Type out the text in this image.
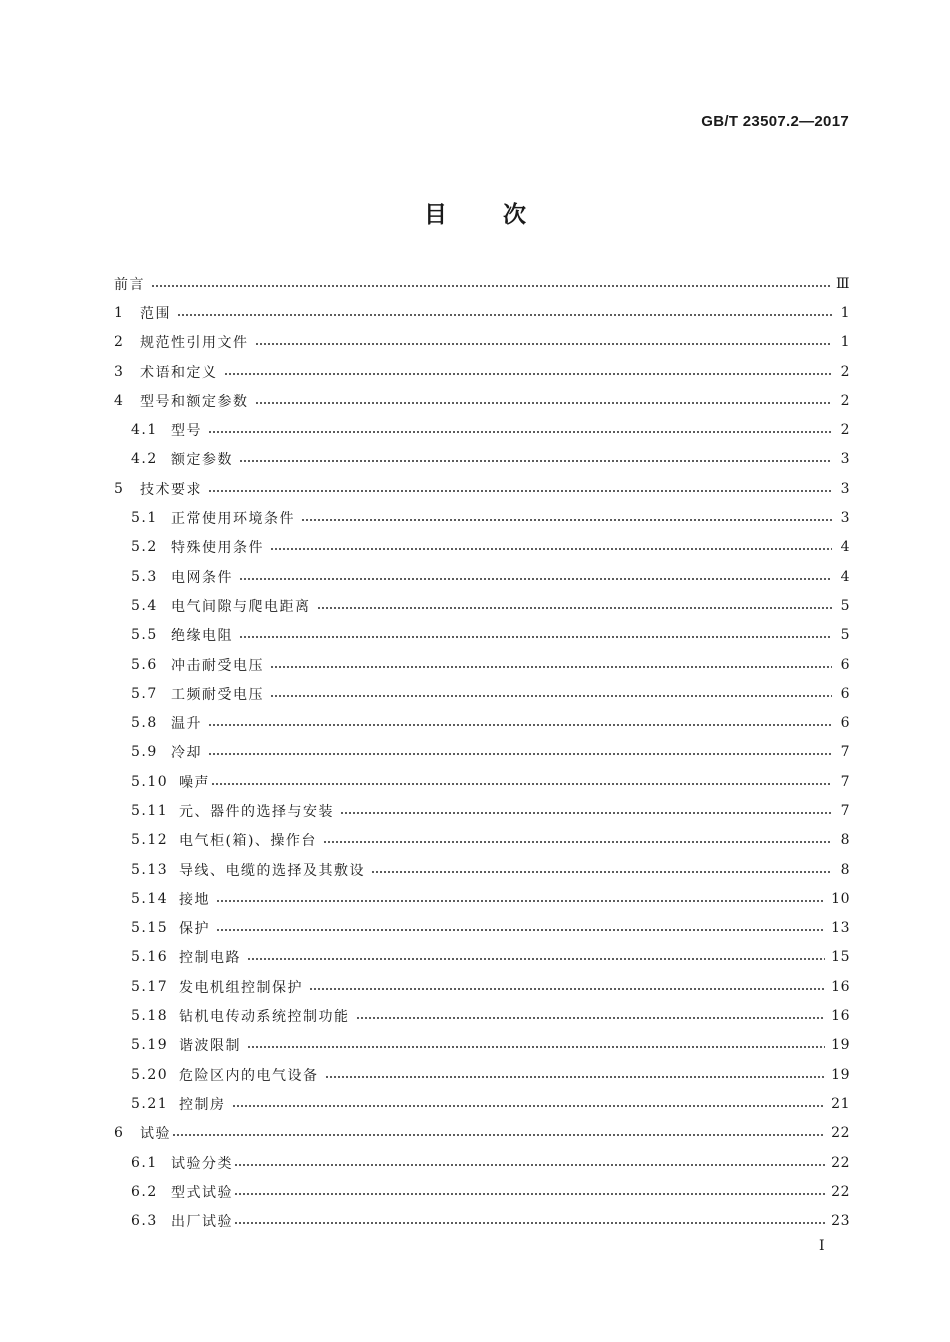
GB/T 23507.2—2017
目次
前言	Ⅲ
1	范围	1
2	规范性引用文件	1
3	术语和定义	2
4	型号和额定参数	2
4.1 型号	2
4.2 额定参数	3
5	技术要求	3
5.1 正常使用环境条件	3
5.2 特殊使用条件	4
5.3 电网条件	4
5.4 电气间隙与爬电距离	5
5.5 绝缘电阻	5
5.6 冲击耐受电压	6
5.7 工频耐受电压	6
5.8 温升	6
5.9 冷却	7
5.10 噪声	7
5.11 元、器件的选择与安装	7
5.12 电气柜(箱)、操作台	8
5.13 导线、电缆的选择及其敷设	8
5.14 接地	10
5.15 保护	13
5.16 控制电路	15
5.17 发电机组控制保护	16
5.18 钻机电传动系统控制功能	16
5.19 谐波限制	19
5.20 危险区内的电气设备	19
5.21 控制房	21
6	试验	22
6.1 试验分类	22
6.2 型式试验	22
6.3 出厂试验	23
I
